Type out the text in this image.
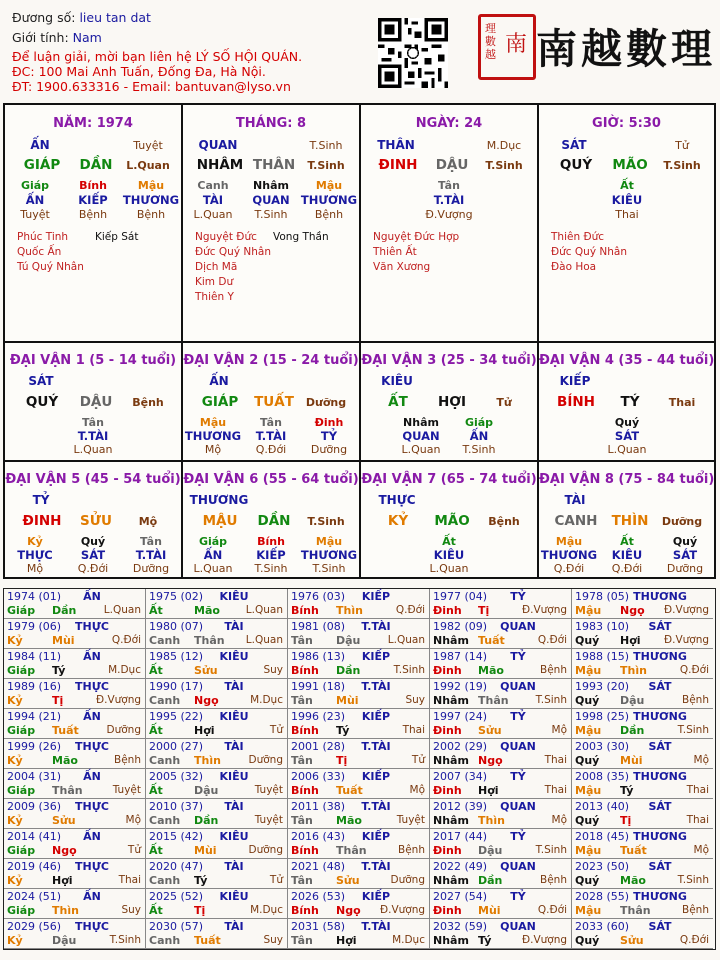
Đương số: lieu tan dat
Giới tính: Nam
Để luận giải, mời bạn liên hệ LÝ SỐ HỘI QUÁN.
ĐC: 100 Mai Anh Tuấn, Đống Đa, Hà Nội.
ĐT: 1900.633316 - Email: bantuvan@lyso.vn
理
數
越 南 南越數理
NĂM: 1974
ẤN	Tuyệt
GIÁP	DẦN	L.Quan
Giáp
ẤN
Tuyệt
Bính
KIẾP
Bệnh
Mậu
THƯƠNG
Bệnh
Phúc Tinh
Quốc Ấn
Tú Quý Nhân
Kiếp Sát
THÁNG: 8
QUAN	T.Sinh
NHÂM THÂN	T.Sinh
Canh
TÀI
L.Quan
Nhâm
QUAN
T.Sinh
Mậu
THƯƠNG
Bệnh
Nguyệt Đức
Đức Quý Nhân
Dịch Mã
Kim Dư
Thiên Y
Vong Thần
NGÀY: 24
THÂN	M.Dục
ĐINH	DẬU	T.Sinh
Tân
T.TÀI
Đ.Vượng
Nguyệt Đức Hợp
Thiên Ất
Văn Xương
GIỜ: 5:30
SÁT	Tử
QUÝ	MÃO	T.Sinh
Ất
KIÊU
Thai
Thiên Đức
Đức Quý Nhân
Đào Hoa
ĐẠI VẬN 1 (5 - 14 tuổi)
SÁT
QUÝ	DẬU	Bệnh
Tân
T.TÀI
L.Quan
ĐẠI VẬN 2 (15 - 24 tuổi)
ẤN
GIÁP	TUẤT	Dưỡng
Mậu
THƯƠNG
Mộ
Tân
T.TÀI
Q.Đới
Đinh
TỶ
Dưỡng
ĐẠI VẬN 3 (25 - 34 tuổi)
KIÊU
ẤT	HỢI	Tử
Nhâm
QUAN
L.Quan
Giáp
ẤN
T.Sinh
ĐẠI VẬN 4 (35 - 44 tuổi)
KIẾP
BÍNH	TÝ	Thai
Quý
SÁT
L.Quan
ĐẠI VẬN 5 (45 - 54 tuổi)
TỶ
ĐINH	SỬU	Mộ
Kỷ
THỰC
Mộ
Quý
SÁT
Q.Đới
Tân
T.TÀI
Dưỡng
ĐẠI VẬN 6 (55 - 64 tuổi)
THƯƠNG
MẬU	DẦN	T.Sinh
Giáp
ẤN
L.Quan
Bính
KIẾP
T.Sinh
Mậu
THƯƠNG
T.Sinh
ĐẠI VẬN 7 (65 - 74 tuổi)
THỰC
KỶ	MÃO	Bệnh
Ất
KIÊU
L.Quan
ĐẠI VẬN 8 (75 - 84 tuổi)
TÀI
CANH	THÌN	Dưỡng
Mậu
THƯƠNG
Q.Đới
Ất
KIÊU
Q.Đới
Quý
SÁT
Dưỡng
1974 (01)	ẤN
Giáp Dần	L.Quan
1975 (02)	KIÊU
Ất	Mão	L.Quan
1976 (03)	KIẾP
Bính Thìn	Q.Đới
1977 (04)	TỶ
Đinh Tị	Đ.Vượng
1978 (05) THƯƠNG
Mậu Ngọ Đ.Vượng
1979 (06)	THỰC
Kỷ	Mùi	Q.Đới
1980 (07)	TÀI
Canh Thân	L.Quan
1981 (08)	T.TÀI
Tân Dậu	L.Quan
1982 (09)	QUAN
Nhâm Tuất	Q.Đới
1983 (10)	SÁT
Quý Hợi Đ.Vượng
1984 (11)	ẤN
Giáp Tý	M.Dục
1985 (12)	KIÊU
Ất	Sửu	Suy
1986 (13)	KIẾP
Bính Dần	T.Sinh
1987 (14)	TỶ
Đinh Mão	Bệnh
1988 (15) THƯƠNG
Mậu Thìn	Q.Đới
1989 (16)	THỰC
Kỷ	Tị	Đ.Vượng
1990 (17)	TÀI
Canh Ngọ	M.Dục
1991 (18)	T.TÀI
Tân Mùi	Suy
1992 (19)	QUAN
Nhâm Thân	T.Sinh
1993 (20)	SÁT
Quý Dậu	Bệnh
1994 (21)	ẤN
Giáp Tuất	Dưỡng
1995 (22)	KIÊU
Ất	Hợi	Tử
1996 (23)	KIẾP
Bính Tý	Thai
1997 (24)	TỶ
Đinh Sửu	Mộ
1998 (25) THƯƠNG
Mậu Dần	T.Sinh
1999 (26)	THỰC
Kỷ	Mão	Bệnh
2000 (27)	TÀI
Canh Thìn	Dưỡng
2001 (28)	T.TÀI
Tân Tị	Tử
2002 (29)	QUAN
Nhâm Ngọ	Thai
2003 (30)	SÁT
Quý Mùi	Mộ
2004 (31)	ẤN
Giáp Thân	Tuyệt
2005 (32)	KIÊU
Ất	Dậu	Tuyệt
2006 (33)	KIẾP
Bính Tuất	Mộ
2007 (34)	TỶ
Đinh Hợi	Thai
2008 (35) THƯƠNG
Mậu Tý	Thai
2009 (36)	THỰC
Kỷ	Sửu	Mộ
2010 (37)	TÀI
Canh Dần	Tuyệt
2011 (38)	T.TÀI
Tân Mão	Tuyệt
2012 (39)	QUAN
Nhâm Thìn	Mộ
2013 (40)	SÁT
Quý Tị	Thai
2014 (41)	ẤN
Giáp Ngọ	Tử
2015 (42)	KIÊU
Ất	Mùi	Dưỡng
2016 (43)	KIẾP
Bính Thân	Bệnh
2017 (44)	TỶ
Đinh Dậu	T.Sinh
2018 (45) THƯƠNG
Mậu Tuất	Mộ
2019 (46)	THỰC
Kỷ	Hợi	Thai
2020 (47)	TÀI
Canh Tý	Tử
2021 (48)	T.TÀI
Tân Sửu	Dưỡng
2022 (49)	QUAN
Nhâm Dần	Bệnh
2023 (50)	SÁT
Quý Mão	T.Sinh
2024 (51)	ẤN
Giáp Thìn	Suy
2025 (52)	KIÊU
Ất	Tị	M.Dục
2026 (53)	KIẾP
Bính Ngọ Đ.Vượng
2027 (54)	TỶ
Đinh Mùi	Q.Đới
2028 (55) THƯƠNG
Mậu Thân	Bệnh
2029 (56)	THỰC
Kỷ	Dậu	T.Sinh
2030 (57)	TÀI
Canh Tuất	Suy
2031 (58)	T.TÀI
Tân Hợi	M.Dục
2032 (59)	QUAN
Nhâm Tý	Đ.Vượng
2033 (60)	SÁT
Quý Sửu	Q.Đới
